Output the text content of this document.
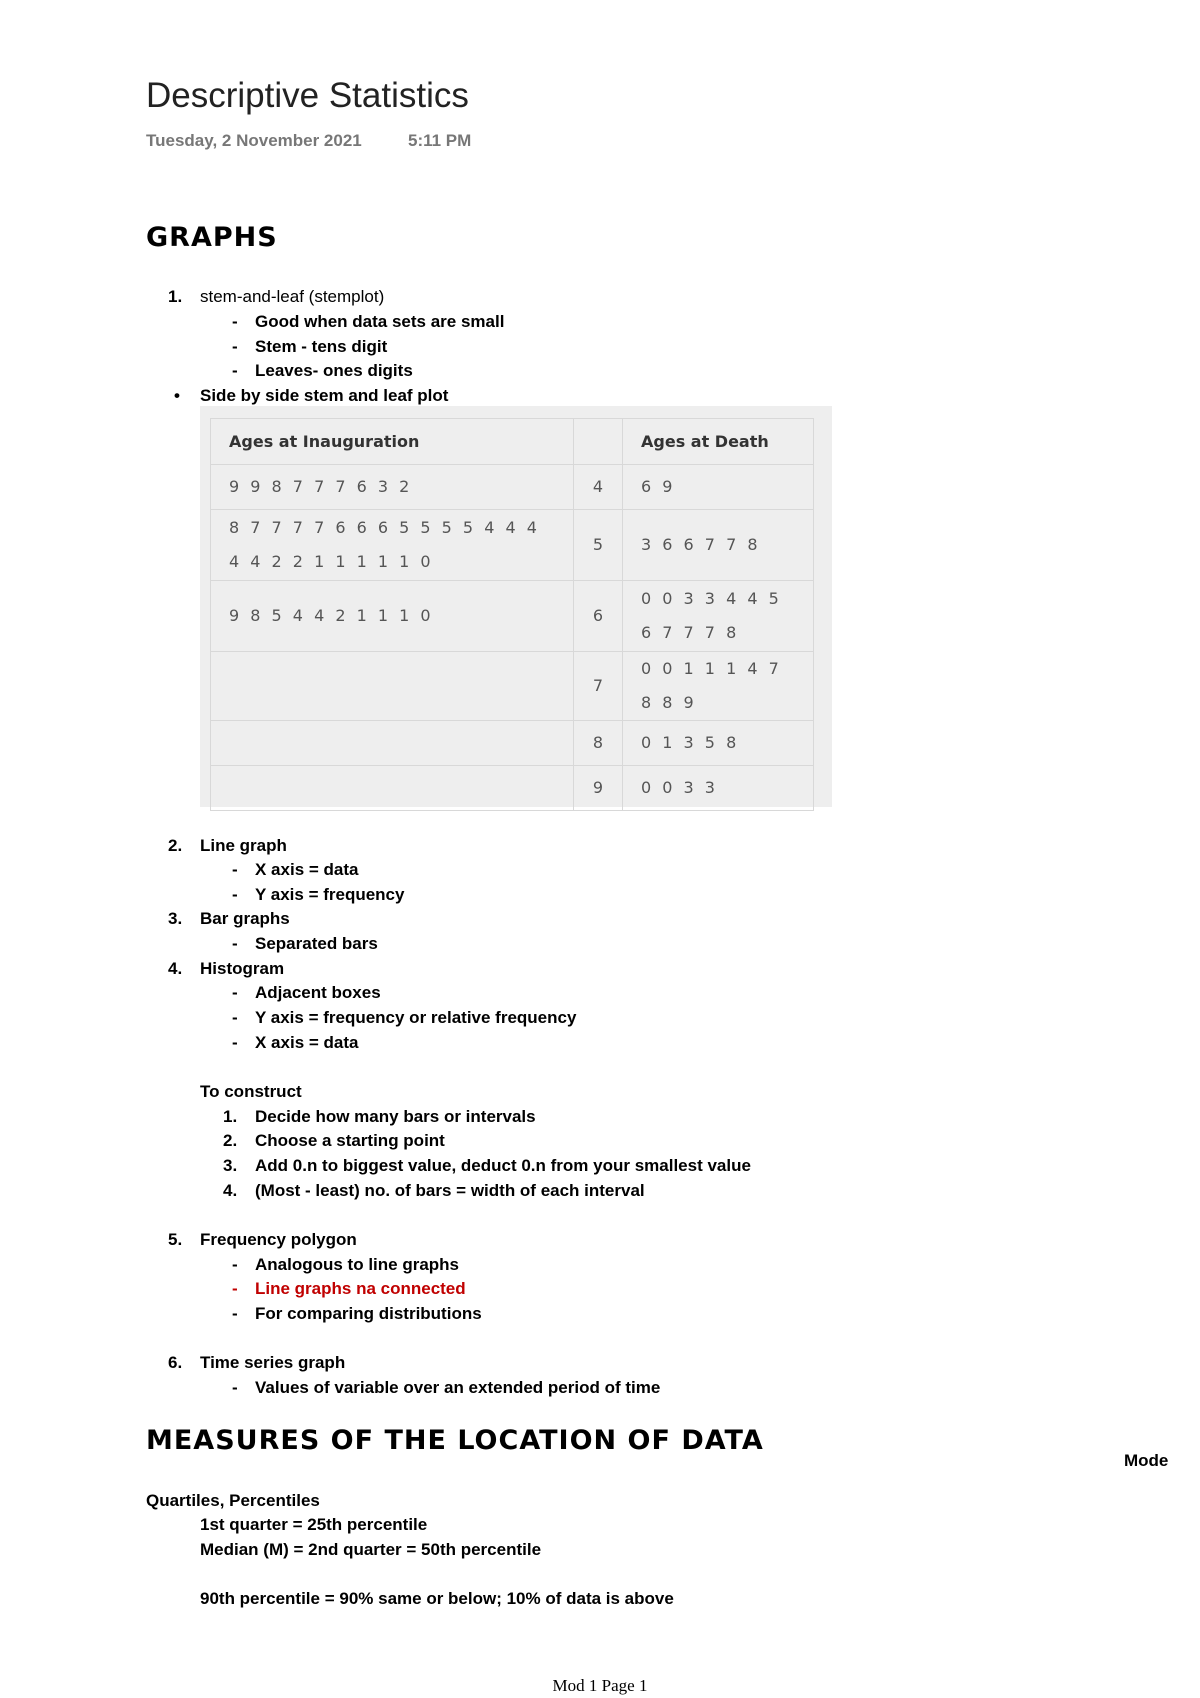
Descriptive Statistics
Tuesday, 2 November 2021	5:11 PM
GRAPHS
1. stem-and-leaf (stemplot)
- Good when data sets are small
- Stem - tens digit
- Leaves- ones digits
• Side by side stem and leaf plot
Ages at Inauguration		Ages at Death
9 9 8 7 7 7 6 3 2	4	6 9
8 7 7 7 7 6 6 6 5 5 5 5 4 4 4 4 4 2 2 1 1 1 1 1 0	5	3 6 6 7 7 8
9 8 5 4 4 2 1 1 1 0	6	0 0 3 3 4 4 5 6 7 7 7 8
	7	0 0 1 1 1 4 7 8 8 9
	8	0 1 3 5 8
	9	0 0 3 3
2. Line graph
- X axis = data
- Y axis = frequency
3. Bar graphs
- Separated bars
4. Histogram
- Adjacent boxes
- Y axis = frequency or relative frequency
- X axis = data
To construct
1. Decide how many bars or intervals
2. Choose a starting point
3. Add 0.n to biggest value, deduct 0.n from your smallest value
4. (Most - least) no. of bars = width of each interval
5. Frequency polygon
- Analogous to line graphs
- Line graphs na connected
- For comparing distributions
6. Time series graph
- Values of variable over an extended period of time
MEASURES OF THE LOCATION OF DATA
Mode
Quartiles, Percentiles
1st quarter = 25th percentile
Median (M) = 2nd quarter = 50th percentile
90th percentile = 90% same or below; 10% of data is above
Mod 1 Page 1
